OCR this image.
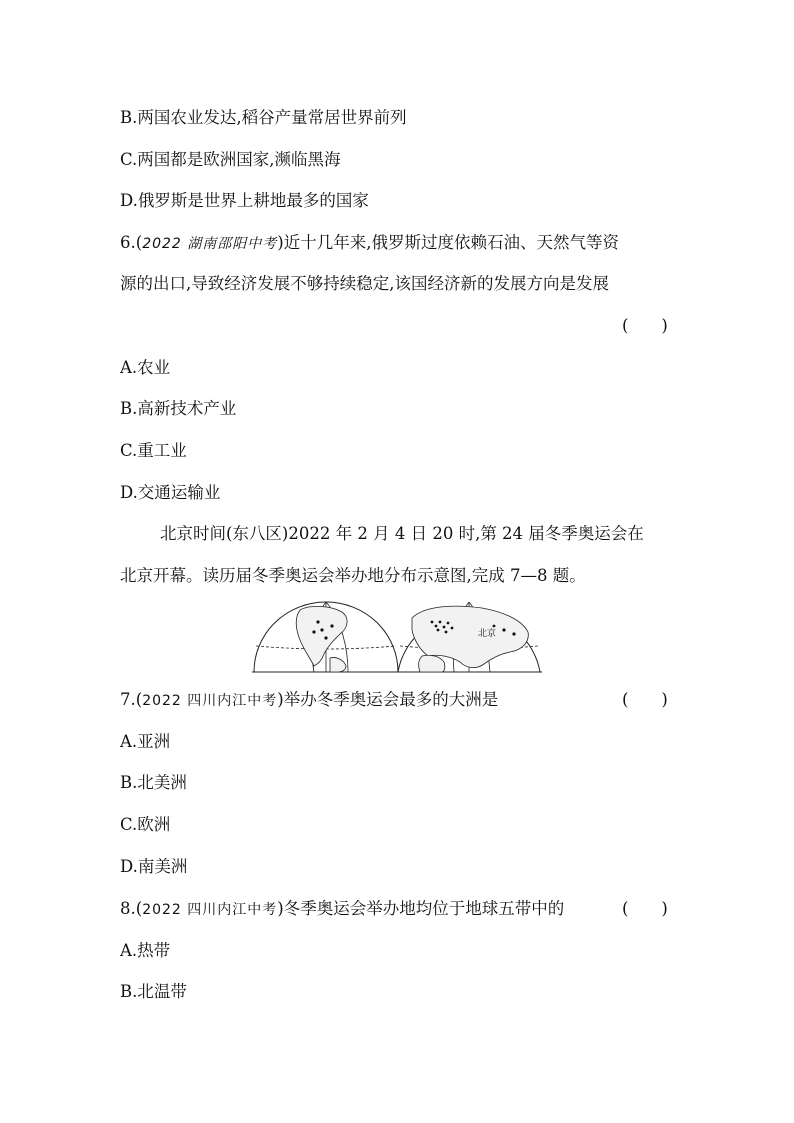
B.两国农业发达,稻谷产量常居世界前列
C.两国都是欧洲国家,濒临黑海
D.俄罗斯是世界上耕地最多的国家
6.(2022 湖南邵阳中考)近十几年来,俄罗斯过度依赖石油、天然气等资
源的出口,导致经济发展不够持续稳定,该国经济新的发展方向是发展
(　　)
A.农业
B.高新技术产业
C.重工业
D.交通运输业
北京时间(东八区)2022 年 2 月 4 日 20 时,第 24 届冬季奥运会在
北京开幕。读历届冬季奥运会举办地分布示意图,完成 7—8 题。
北京
7.(2022 四川内江中考)举办冬季奥运会最多的大洲是	(　　)
A.亚洲
B.北美洲
C.欧洲
D.南美洲
8.(2022 四川内江中考)冬季奥运会举办地均位于地球五带中的	(　　)
A.热带
B.北温带
